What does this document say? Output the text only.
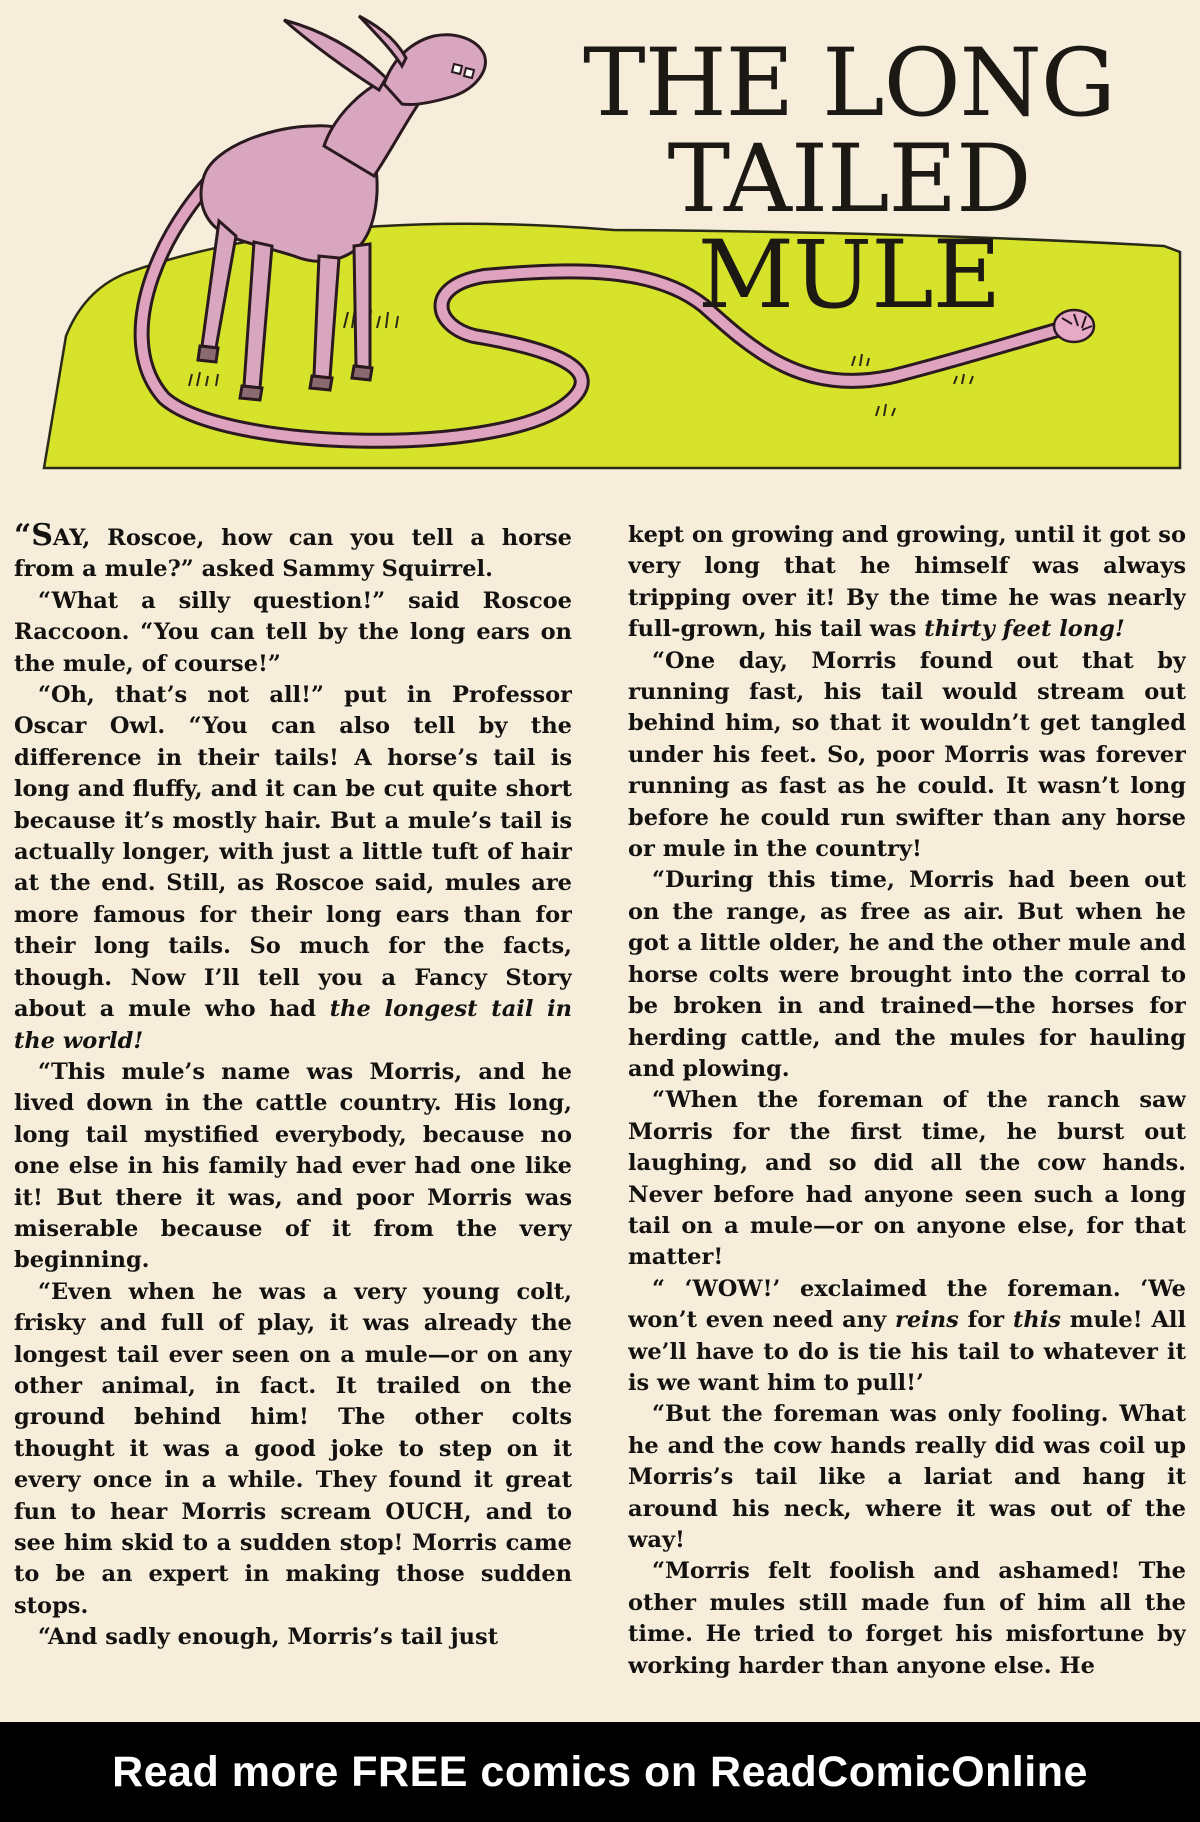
THE LONG
TAILED MULE

“SAY, Roscoe, how can you tell a horse from a mule?” asked Sammy Squirrel.

“What a silly question!” said Roscoe Raccoon. “You can tell by the long ears on the mule, of course!”

“Oh, that’s not all!” put in Professor Oscar Owl. “You can also tell by the difference in their tails! A horse’s tail is long and fluffy, and it can be cut quite short because it’s mostly hair. But a mule’s tail is actually longer, with just a little tuft of hair at the end. Still, as Roscoe said, mules are more famous for their long ears than for their long tails. So much for the facts, though. Now I’ll tell you a Fancy Story about a mule who had the longest tail in the world!

“This mule’s name was Morris, and he lived down in the cattle country. His long, long tail mystified everybody, because no one else in his family had ever had one like it! But there it was, and poor Morris was miserable because of it from the very beginning.

“Even when he was a very young colt, frisky and full of play, it was already the longest tail ever seen on a mule—or on any other animal, in fact. It trailed on the ground behind him! The other colts thought it was a good joke to step on it every once in a while. They found it great fun to hear Morris scream OUCH, and to see him skid to a sudden stop! Morris came to be an expert in making those sudden stops.

“And sadly enough, Morris’s tail just

kept on growing and growing, until it got so very long that he himself was always tripping over it! By the time he was nearly full-grown, his tail was thirty feet long!

“One day, Morris found out that by running fast, his tail would stream out behind him, so that it wouldn’t get tangled under his feet. So, poor Morris was forever running as fast as he could. It wasn’t long before he could run swifter than any horse or mule in the country!

“During this time, Morris had been out on the range, as free as air. But when he got a little older, he and the other mule and horse colts were brought into the corral to be broken in and trained—the horses for herding cattle, and the mules for hauling and plowing.

“When the foreman of the ranch saw Morris for the first time, he burst out laughing, and so did all the cow hands. Never before had anyone seen such a long tail on a mule—or on anyone else, for that matter!

“ ‘WOW!’ exclaimed the foreman. ‘We won’t even need any reins for this mule! All we’ll have to do is tie his tail to whatever it is we want him to pull!’

“But the foreman was only fooling. What he and the cow hands really did was coil up Morris’s tail like a lariat and hang it around his neck, where it was out of the way!

“Morris felt foolish and ashamed! The other mules still made fun of him all the time. He tried to forget his misfortune by working harder than anyone else. He

Read more FREE comics on ReadComicOnline
